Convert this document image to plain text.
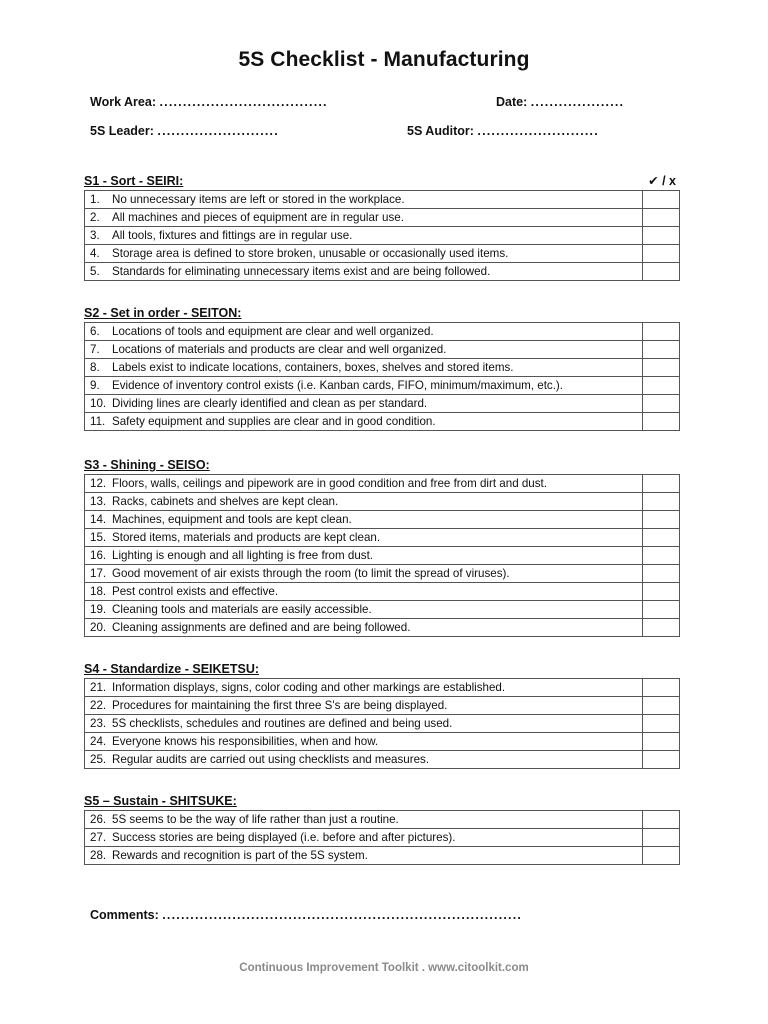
5S Checklist - Manufacturing
Work Area: ....................................	Date: ....................
5S Leader: ..........................	5S Auditor: ..........................
S1 - Sort - SEIRI:	✔ / x
1. No unnecessary items are left or stored in the workplace.	
2. All machines and pieces of equipment are in regular use.	
3. All tools, fixtures and fittings are in regular use.	
4. Storage area is defined to store broken, unusable or occasionally used items.	
5. Standards for eliminating unnecessary items exist and are being followed.	
S2 - Set in order - SEITON:
6. Locations of tools and equipment are clear and well organized.	
7. Locations of materials and products are clear and well organized.	
8. Labels exist to indicate locations, containers, boxes, shelves and stored items.	
9. Evidence of inventory control exists (i.e. Kanban cards, FIFO, minimum/maximum, etc.).	
10. Dividing lines are clearly identified and clean as per standard.	
11. Safety equipment and supplies are clear and in good condition.	
S3 - Shining - SEISO:
12. Floors, walls, ceilings and pipework are in good condition and free from dirt and dust.	
13. Racks, cabinets and shelves are kept clean.	
14. Machines, equipment and tools are kept clean.	
15. Stored items, materials and products are kept clean.	
16. Lighting is enough and all lighting is free from dust.	
17. Good movement of air exists through the room (to limit the spread of viruses).	
18. Pest control exists and effective.	
19. Cleaning tools and materials are easily accessible.	
20. Cleaning assignments are defined and are being followed.	
S4 - Standardize - SEIKETSU:
21. Information displays, signs, color coding and other markings are established.	
22. Procedures for maintaining the first three S's are being displayed.	
23. 5S checklists, schedules and routines are defined and being used.	
24. Everyone knows his responsibilities, when and how.	
25. Regular audits are carried out using checklists and measures.	
S5 – Sustain - SHITSUKE:
26. 5S seems to be the way of life rather than just a routine.	
27. Success stories are being displayed (i.e. before and after pictures).	
28. Rewards and recognition is part of the 5S system.	
Comments: .............................................................................
Continuous Improvement Toolkit . www.citoolkit.com
